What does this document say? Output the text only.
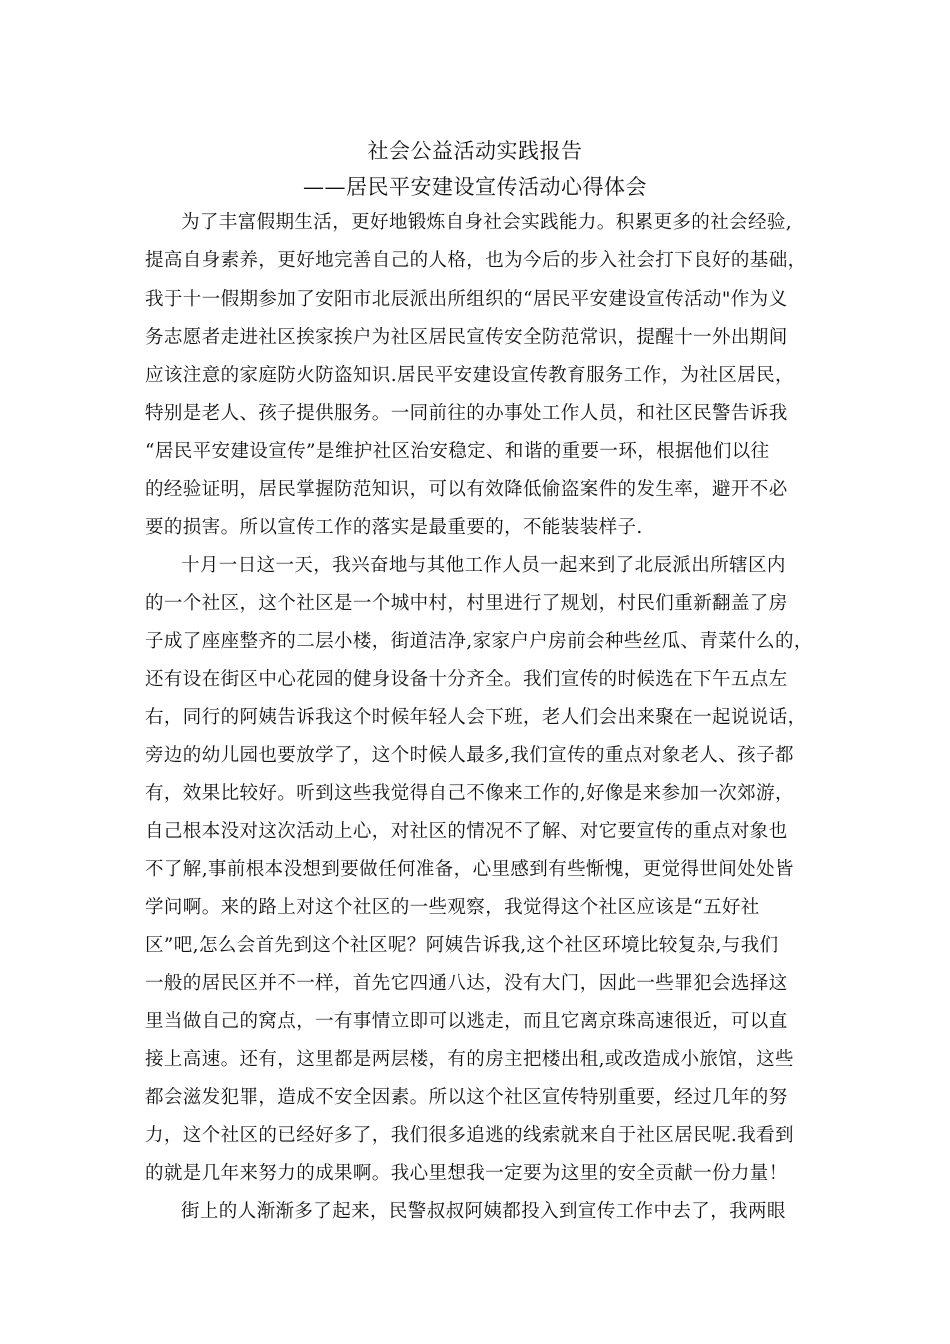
社会公益活动实践报告
——居民平安建设宣传活动心得体会
为了丰富假期生活，更好地锻炼自身社会实践能力。积累更多的社会经验,
提高自身素养，更好地完善自己的人格，也为今后的步入社会打下良好的基础，
我于十一假期参加了安阳市北辰派出所组织的“居民平安建设宣传活动"作为义
务志愿者走进社区挨家挨户为社区居民宣传安全防范常识，提醒十一外出期间
应该注意的家庭防火防盗知识.居民平安建设宣传教育服务工作，为社区居民，
特别是老人、孩子提供服务。一同前往的办事处工作人员，和社区民警告诉我
“居民平安建设宣传”是维护社区治安稳定、和谐的重要一环，根据他们以往
的经验证明，居民掌握防范知识，可以有效降低偷盗案件的发生率，避开不必
要的损害。所以宣传工作的落实是最重要的，不能装装样子.
十月一日这一天，我兴奋地与其他工作人员一起来到了北辰派出所辖区内
的一个社区，这个社区是一个城中村，村里进行了规划，村民们重新翻盖了房
子成了座座整齐的二层小楼，街道洁净,家家户户房前会种些丝瓜、青菜什么的，
还有设在街区中心花园的健身设备十分齐全。我们宣传的时候选在下午五点左
右，同行的阿姨告诉我这个时候年轻人会下班，老人们会出来聚在一起说说话，
旁边的幼儿园也要放学了，这个时候人最多,我们宣传的重点对象老人、孩子都
有，效果比较好。听到这些我觉得自己不像来工作的,好像是来参加一次郊游，
自己根本没对这次活动上心，对社区的情况不了解、对它要宣传的重点对象也
不了解,事前根本没想到要做任何准备，心里感到有些惭愧，更觉得世间处处皆
学问啊。来的路上对这个社区的一些观察，我觉得这个社区应该是“五好社
区”吧,怎么会首先到这个社区呢？阿姨告诉我,这个社区环境比较复杂,与我们
一般的居民区并不一样，首先它四通八达，没有大门，因此一些罪犯会选择这
里当做自己的窝点，一有事情立即可以逃走，而且它离京珠高速很近，可以直
接上高速。还有，这里都是两层楼，有的房主把楼出租,或改造成小旅馆，这些
都会滋发犯罪，造成不安全因素。所以这个社区宣传特别重要，经过几年的努
力，这个社区的已经好多了，我们很多追逃的线索就来自于社区居民呢.我看到
的就是几年来努力的成果啊。我心里想我一定要为这里的安全贡献一份力量！
街上的人渐渐多了起来，民警叔叔阿姨都投入到宣传工作中去了，我两眼
